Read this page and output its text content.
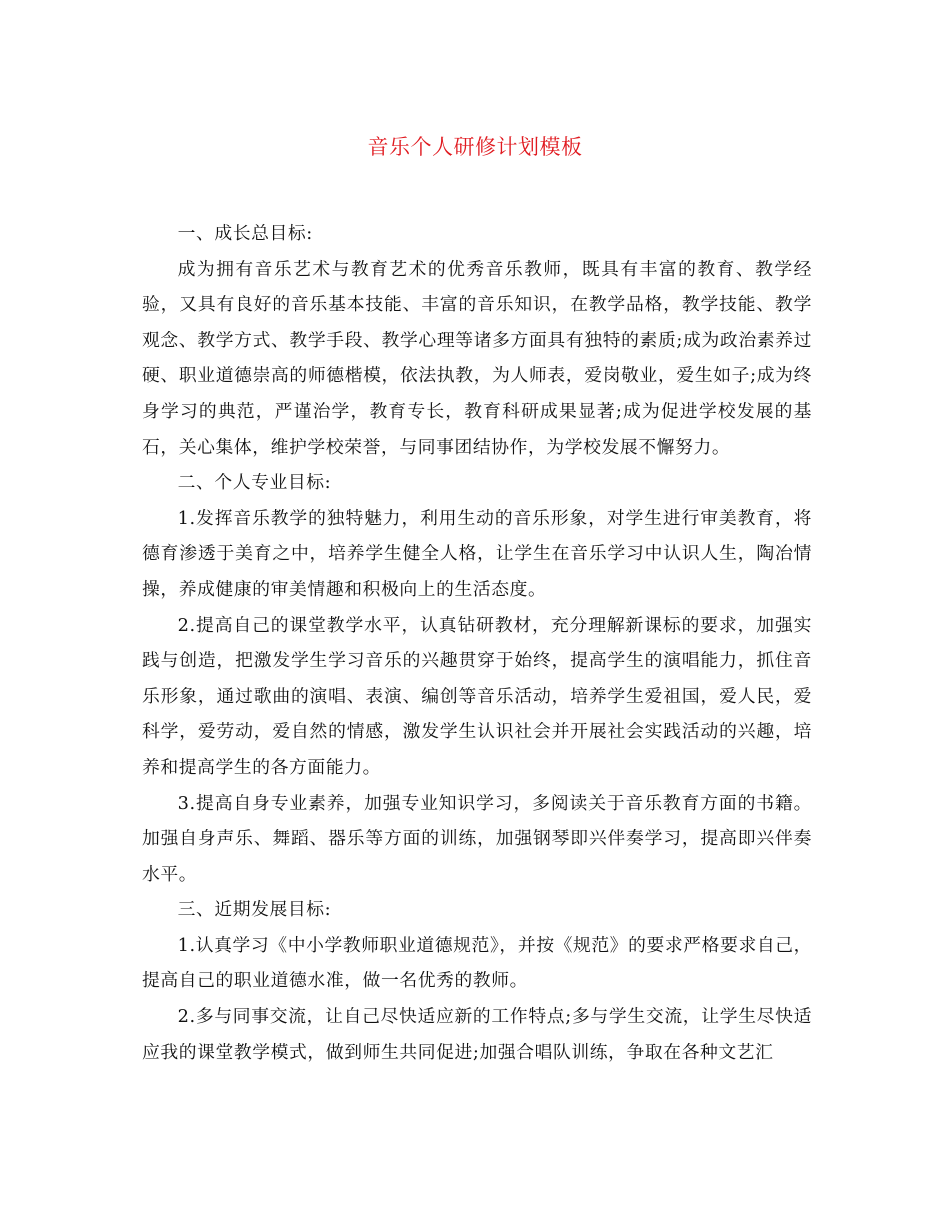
音乐个人研修计划模板

一、成长总目标:

成为拥有音乐艺术与教育艺术的优秀音乐教师，既具有丰富的教育、教学经验，又具有良好的音乐基本技能、丰富的音乐知识，在教学品格，教学技能、教学观念、教学方式、教学手段、教学心理等诸多方面具有独特的素质;成为政治素养过硬、职业道德崇高的师德楷模，依法执教，为人师表，爱岗敬业，爱生如子;成为终身学习的典范，严谨治学，教育专长，教育科研成果显著;成为促进学校发展的基石，关心集体，维护学校荣誉，与同事团结协作，为学校发展不懈努力。

二、个人专业目标:

1.发挥音乐教学的独特魅力，利用生动的音乐形象，对学生进行审美教育，将德育渗透于美育之中，培养学生健全人格，让学生在音乐学习中认识人生，陶冶情操，养成健康的审美情趣和积极向上的生活态度。

2.提高自己的课堂教学水平，认真钻研教材，充分理解新课标的要求，加强实践与创造，把激发学生学习音乐的兴趣贯穿于始终，提高学生的演唱能力，抓住音乐形象，通过歌曲的演唱、表演、编创等音乐活动，培养学生爱祖国，爱人民，爱科学，爱劳动，爱自然的情感，激发学生认识社会并开展社会实践活动的兴趣，培养和提高学生的各方面能力。

3.提高自身专业素养，加强专业知识学习，多阅读关于音乐教育方面的书籍。加强自身声乐、舞蹈、器乐等方面的训练，加强钢琴即兴伴奏学习，提高即兴伴奏水平。

三、近期发展目标:

1.认真学习《中小学教师职业道德规范》，并按《规范》的要求严格要求自己，提高自己的职业道德水准，做一名优秀的教师。

2.多与同事交流，让自己尽快适应新的工作特点;多与学生交流，让学生尽快适应我的课堂教学模式，做到师生共同促进;加强合唱队训练，争取在各种文艺汇
